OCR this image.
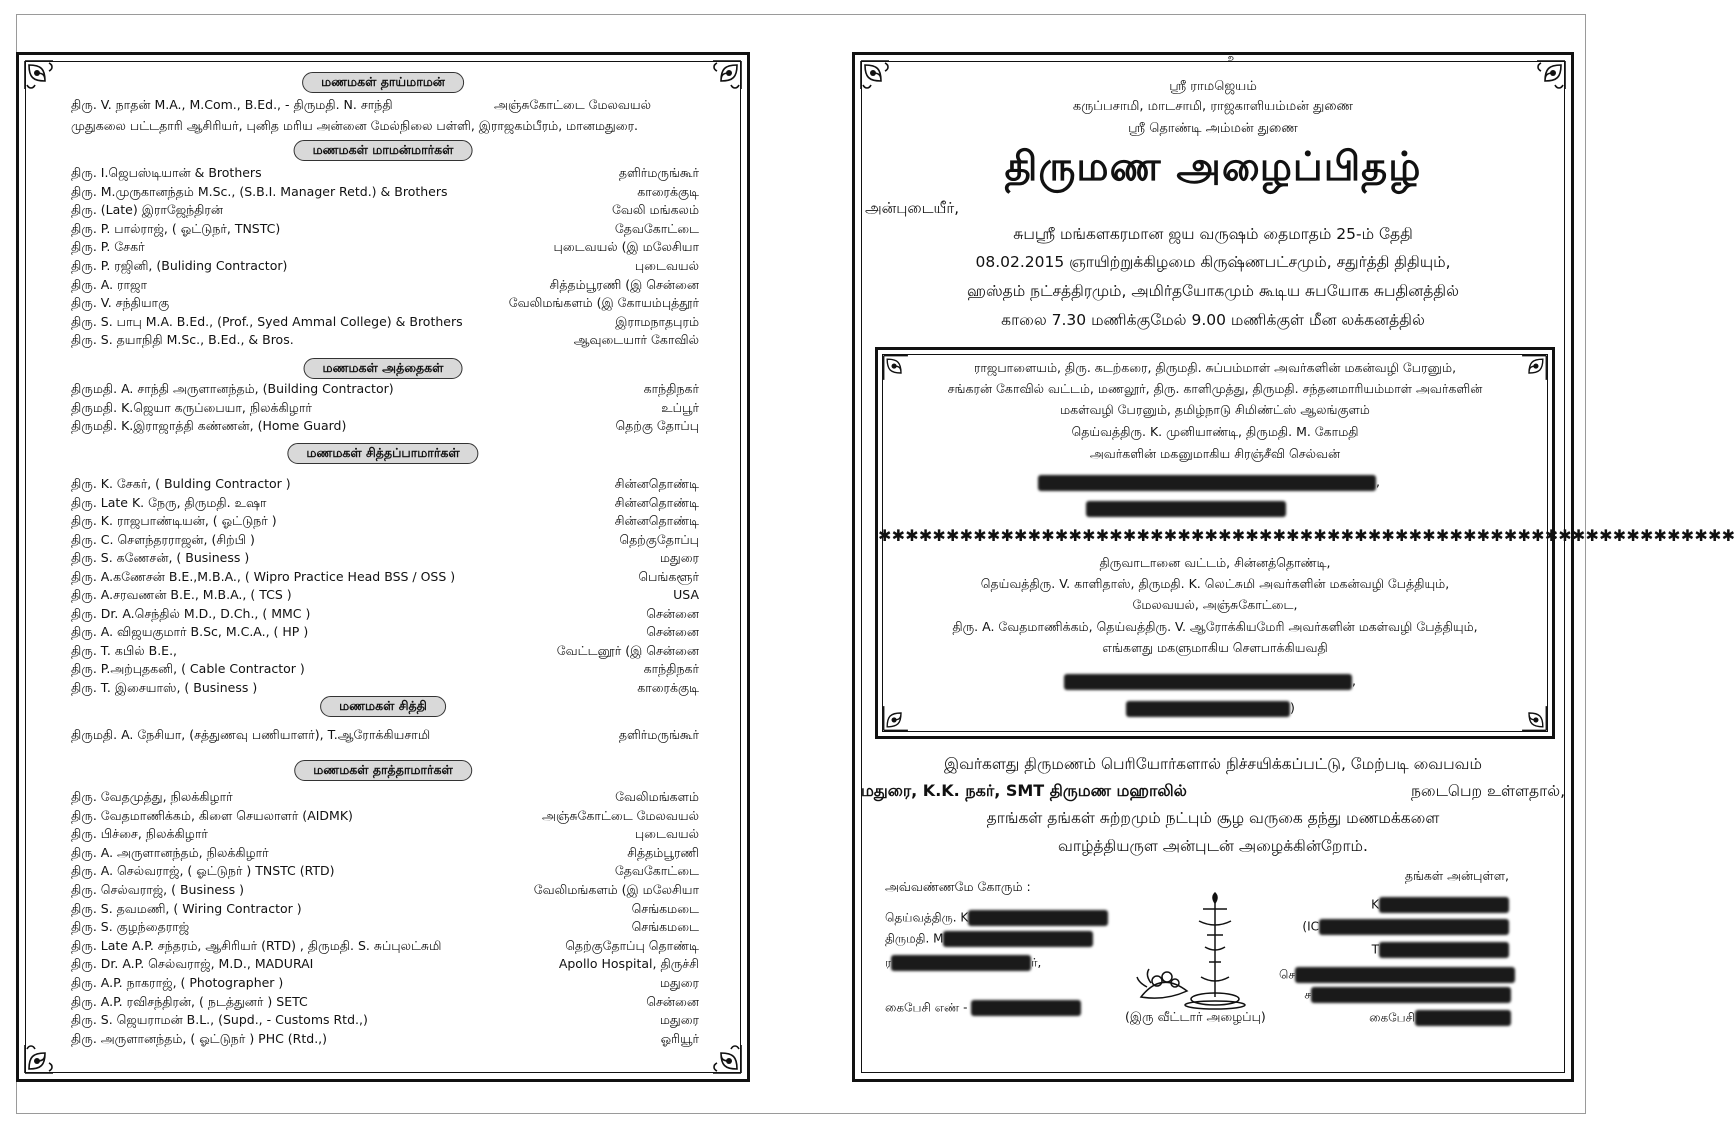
மணமகள் தாய்மாமன்
திரு. V. நாதன் M.A., M.Com., B.Ed., - திருமதி. N. சாந்தி	அஞ்சுகோட்டை மேலவயல்
முதுகலை பட்டதாரி ஆசிரியர், புனித மரிய அன்னை மேல்நிலை பள்ளி, இராஜகம்பீரம், மானமதுரை.
மணமகள் மாமன்மார்கள்
திரு. I.ஜெபஸ்டியான் & Brothers	தளிர்மருங்கூர்
திரு. M.முருகானந்தம் M.Sc., (S.B.I. Manager Retd.) & Brothers	காரைக்குடி
திரு. (Late) இராஜேந்திரன்	வேலி மங்கலம்
திரு. P. பால்ராஜ், ( ஓட்டுநர், TNSTC)	தேவகோட்டை
திரு. P. சேகர்	புடைவயல் (இ மலேசியா
திரு. P. ரஜினி, (Buliding Contractor)	புடைவயல்
திரு. A. ராஜா	சித்தம்பூரணி (இ சென்னை
திரு. V. சந்தியாகு	வேலிமங்களம் (இ கோயம்புத்தூர்
திரு. S. பாபு M.A. B.Ed., (Prof., Syed Ammal College) & Brothers	இராமநாதபுரம்
திரு. S. தயாநிதி M.Sc., B.Ed., & Bros.	ஆவுடையார் கோவில்
மணமகள் அத்தைகள்
திருமதி. A. சாந்தி அருளானந்தம், (Building Contractor)	காந்திநகர்
திருமதி. K.ஜெயா கருப்பையா, நிலக்கிழார்	உப்பூர்
திருமதி. K.இராஜாத்தி கண்ணன், (Home Guard)	தெற்கு தோப்பு
மணமகள் சித்தப்பாமார்கள்
திரு. K. சேகர், ( Bulding Contractor )	சின்னதொண்டி
திரு. Late K. நேரு, திருமதி. உஷா	சின்னதொண்டி
திரு. K. ராஜபாண்டியன், ( ஓட்டுநர் )	சின்னதொண்டி
திரு. C. சௌந்தரராஜன், (சிற்பி )	தெற்குதோப்பு
திரு. S. கணேசன், ( Business )	மதுரை
திரு. A.கணேசன் B.E.,M.B.A., ( Wipro Practice Head BSS / OSS )	பெங்களூர்
திரு. A.சரவணன் B.E., M.B.A., ( TCS )	USA
திரு. Dr. A.செந்தில் M.D., D.Ch., ( MMC )	சென்னை
திரு. A. விஜயகுமார் B.Sc, M.C.A., ( HP )	சென்னை
திரு. T. கபில் B.E.,	வேட்டனூர் (இ சென்னை
திரு. P.அற்புதகனி, ( Cable Contractor )	காந்திநகர்
திரு. T. இசையாஸ், ( Business )	காரைக்குடி
மணமகள் சித்தி
திருமதி. A. நேசியா, (சத்துணவு பணியாளர்), T.ஆரோக்கியசாமி	தளிர்மருங்கூர்
மணமகள் தாத்தாமார்கள்
திரு. வேதமுத்து, நிலக்கிழார்	வேலிமங்களம்
திரு. வேதமாணிக்கம், கிளை செயலாளர் (AIDMK)	அஞ்சுகோட்டை மேலவயல்
திரு. பிச்சை, நிலக்கிழார்	புடைவயல்
திரு. A. அருளானந்தம், நிலக்கிழார்	சித்தம்பூரணி
திரு. A. செல்வராஜ், ( ஓட்டுநர் ) TNSTC (RTD)	தேவகோட்டை
திரு. செல்வராஜ், ( Business )	வேலிமங்களம் (இ மலேசியா
திரு. S. தவமணி, ( Wiring Contractor )	செங்கமடை
திரு. S. குழந்தைராஜ்	செங்கமடை
திரு. Late A.P. சந்தரம், ஆசிரியர் (RTD) , திருமதி. S. சுப்புலட்சுமி	தெற்குதோப்பு தொண்டி
திரு. Dr. A.P. செல்வராஜ், M.D., MADURAI	Apollo Hospital, திருச்சி
திரு. A.P. நாகராஜ், ( Photographer )	மதுரை
திரு. A.P. ரவிசந்திரன், ( நடத்துனர் ) SETC	சென்னை
திரு. S. ஜெயராமன் B.L., (Supd., - Customs Rtd.,)	மதுரை
திரு. அருளானந்தம், ( ஓட்டுநர் ) PHC (Rtd.,)	ஓரியூர்
உ
ஸ்ரீ ராமஜெயம்
கருப்பசாமி, மாடசாமி, ராஜகாளியம்மன் துணை
ஸ்ரீ தொண்டி அம்மன் துணை
திருமண அழைப்பிதழ்
அன்புடையீர்,
சுபஸ்ரீ மங்களகரமான ஜய வருஷம் தைமாதம் 25-ம் தேதி
08.02.2015 ஞாயிற்றுக்கிழமை கிருஷ்ணபட்சமும், சதுர்த்தி திதியும்,
ஹஸ்தம் நட்சத்திரமும், அமிர்தயோகமும் கூடிய சுபயோக சுபதினத்தில்
காலை 7.30 மணிக்குமேல் 9.00 மணிக்குள் மீன லக்கனத்தில்
ராஜபாளையம், திரு. கடற்கரை, திருமதி. சுப்பம்மாள் அவர்களின் மகன்வழி பேரனும்,
சங்கரன் கோவில் வட்டம், மணலூர், திரு. காளிமுத்து, திருமதி. சந்தனமாரியம்மாள் அவர்களின்
மகள்வழி பேரனும், தமிழ்நாடு சிமிண்ட்ஸ் ஆலங்குளம்
தெய்வத்திரு. K. முனியாண்டி, திருமதி. M. கோமதி
அவர்களின் மகனுமாகிய சிரஞ்சீவி செல்வன்
,
✱✱✱✱✱✱✱✱✱✱✱✱✱✱✱✱✱✱✱✱✱✱✱✱✱✱✱✱✱✱✱✱✱✱✱✱✱✱✱✱✱✱✱✱✱✱✱✱✱✱✱✱✱✱✱✱✱✱✱✱✱✱✱
திருவாடானை வட்டம், சின்னத்தொண்டி,
தெய்வத்திரு. V. காளிதாஸ், திருமதி. K. லெட்சுமி அவர்களின் மகன்வழி பேத்தியும்,
மேலவயல், அஞ்சுகோட்டை,
திரு. A. வேதமாணிக்கம், தெய்வத்திரு. V. ஆரோக்கியமேரி அவர்களின் மகள்வழி பேத்தியும்,
எங்களது மகளுமாகிய சௌபாக்கியவதி
,
)
இவர்களது திருமணம் பெரியோர்களால் நிச்சயிக்கப்பட்டு, மேற்படி வைபவம்
மதுரை, K.K. நகர், SMT திருமண மஹாலில்	நடைபெற உள்ளதால்,
தாங்கள் தங்கள் சுற்றமும் நட்பும் சூழ வருகை தந்து மணமக்களை
வாழ்த்தியருள அன்புடன் அழைக்கின்றோம்.
அவ்வண்ணமே கோரும் :
தெய்வத்திரு. K
திருமதி. M
ர	ர்,
கைபேசி எண் -
(இரு வீட்டார் அழைப்பு)
தங்கள் அன்புள்ள,
K
(IC
T
செ
ச
கைபேசி
